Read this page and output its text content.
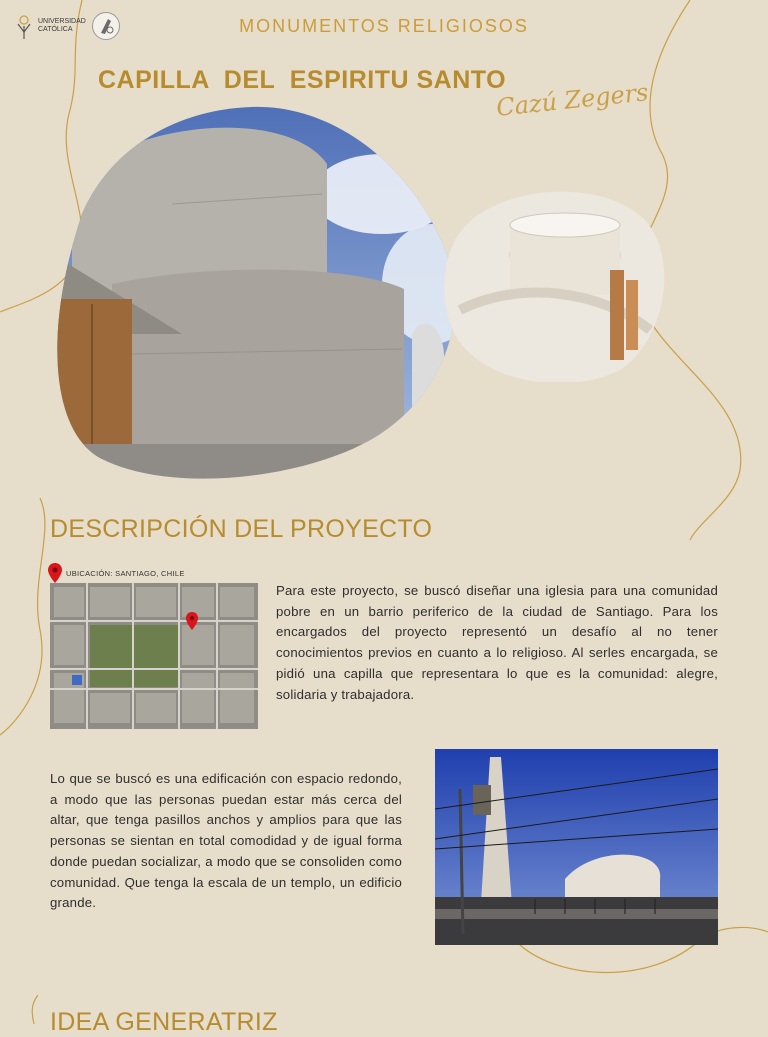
UNIVERSIDAD
CATÓLICA	MONUMENTOS RELIGIOSOS
CAPILLA  DEL  ESPIRITU SANTO
Cazú Zegers
DESCRIPCIÓN DEL PROYECTO
UBICACIÓN: SANTIAGO, CHILE
Para este proyecto, se buscó diseñar una iglesia para una comunidad pobre en un barrio periferico de la ciudad de Santiago. Para los encargados del proyecto representó un desafío al no tener conocimientos previos en cuanto a lo religioso. Al serles encargada, se pidió una capilla que representara lo que es la comunidad: alegre, solidaria y trabajadora.
Lo que se buscó es una edificación con espacio redondo, a modo que las personas puedan estar más cerca del altar, que tenga pasillos anchos y amplios para que las personas se sientan en total comodidad y de igual forma donde puedan socializar, a modo que se consoliden como comunidad. Que tenga la escala de un templo, un edificio grande.
IDEA GENERATRIZ
